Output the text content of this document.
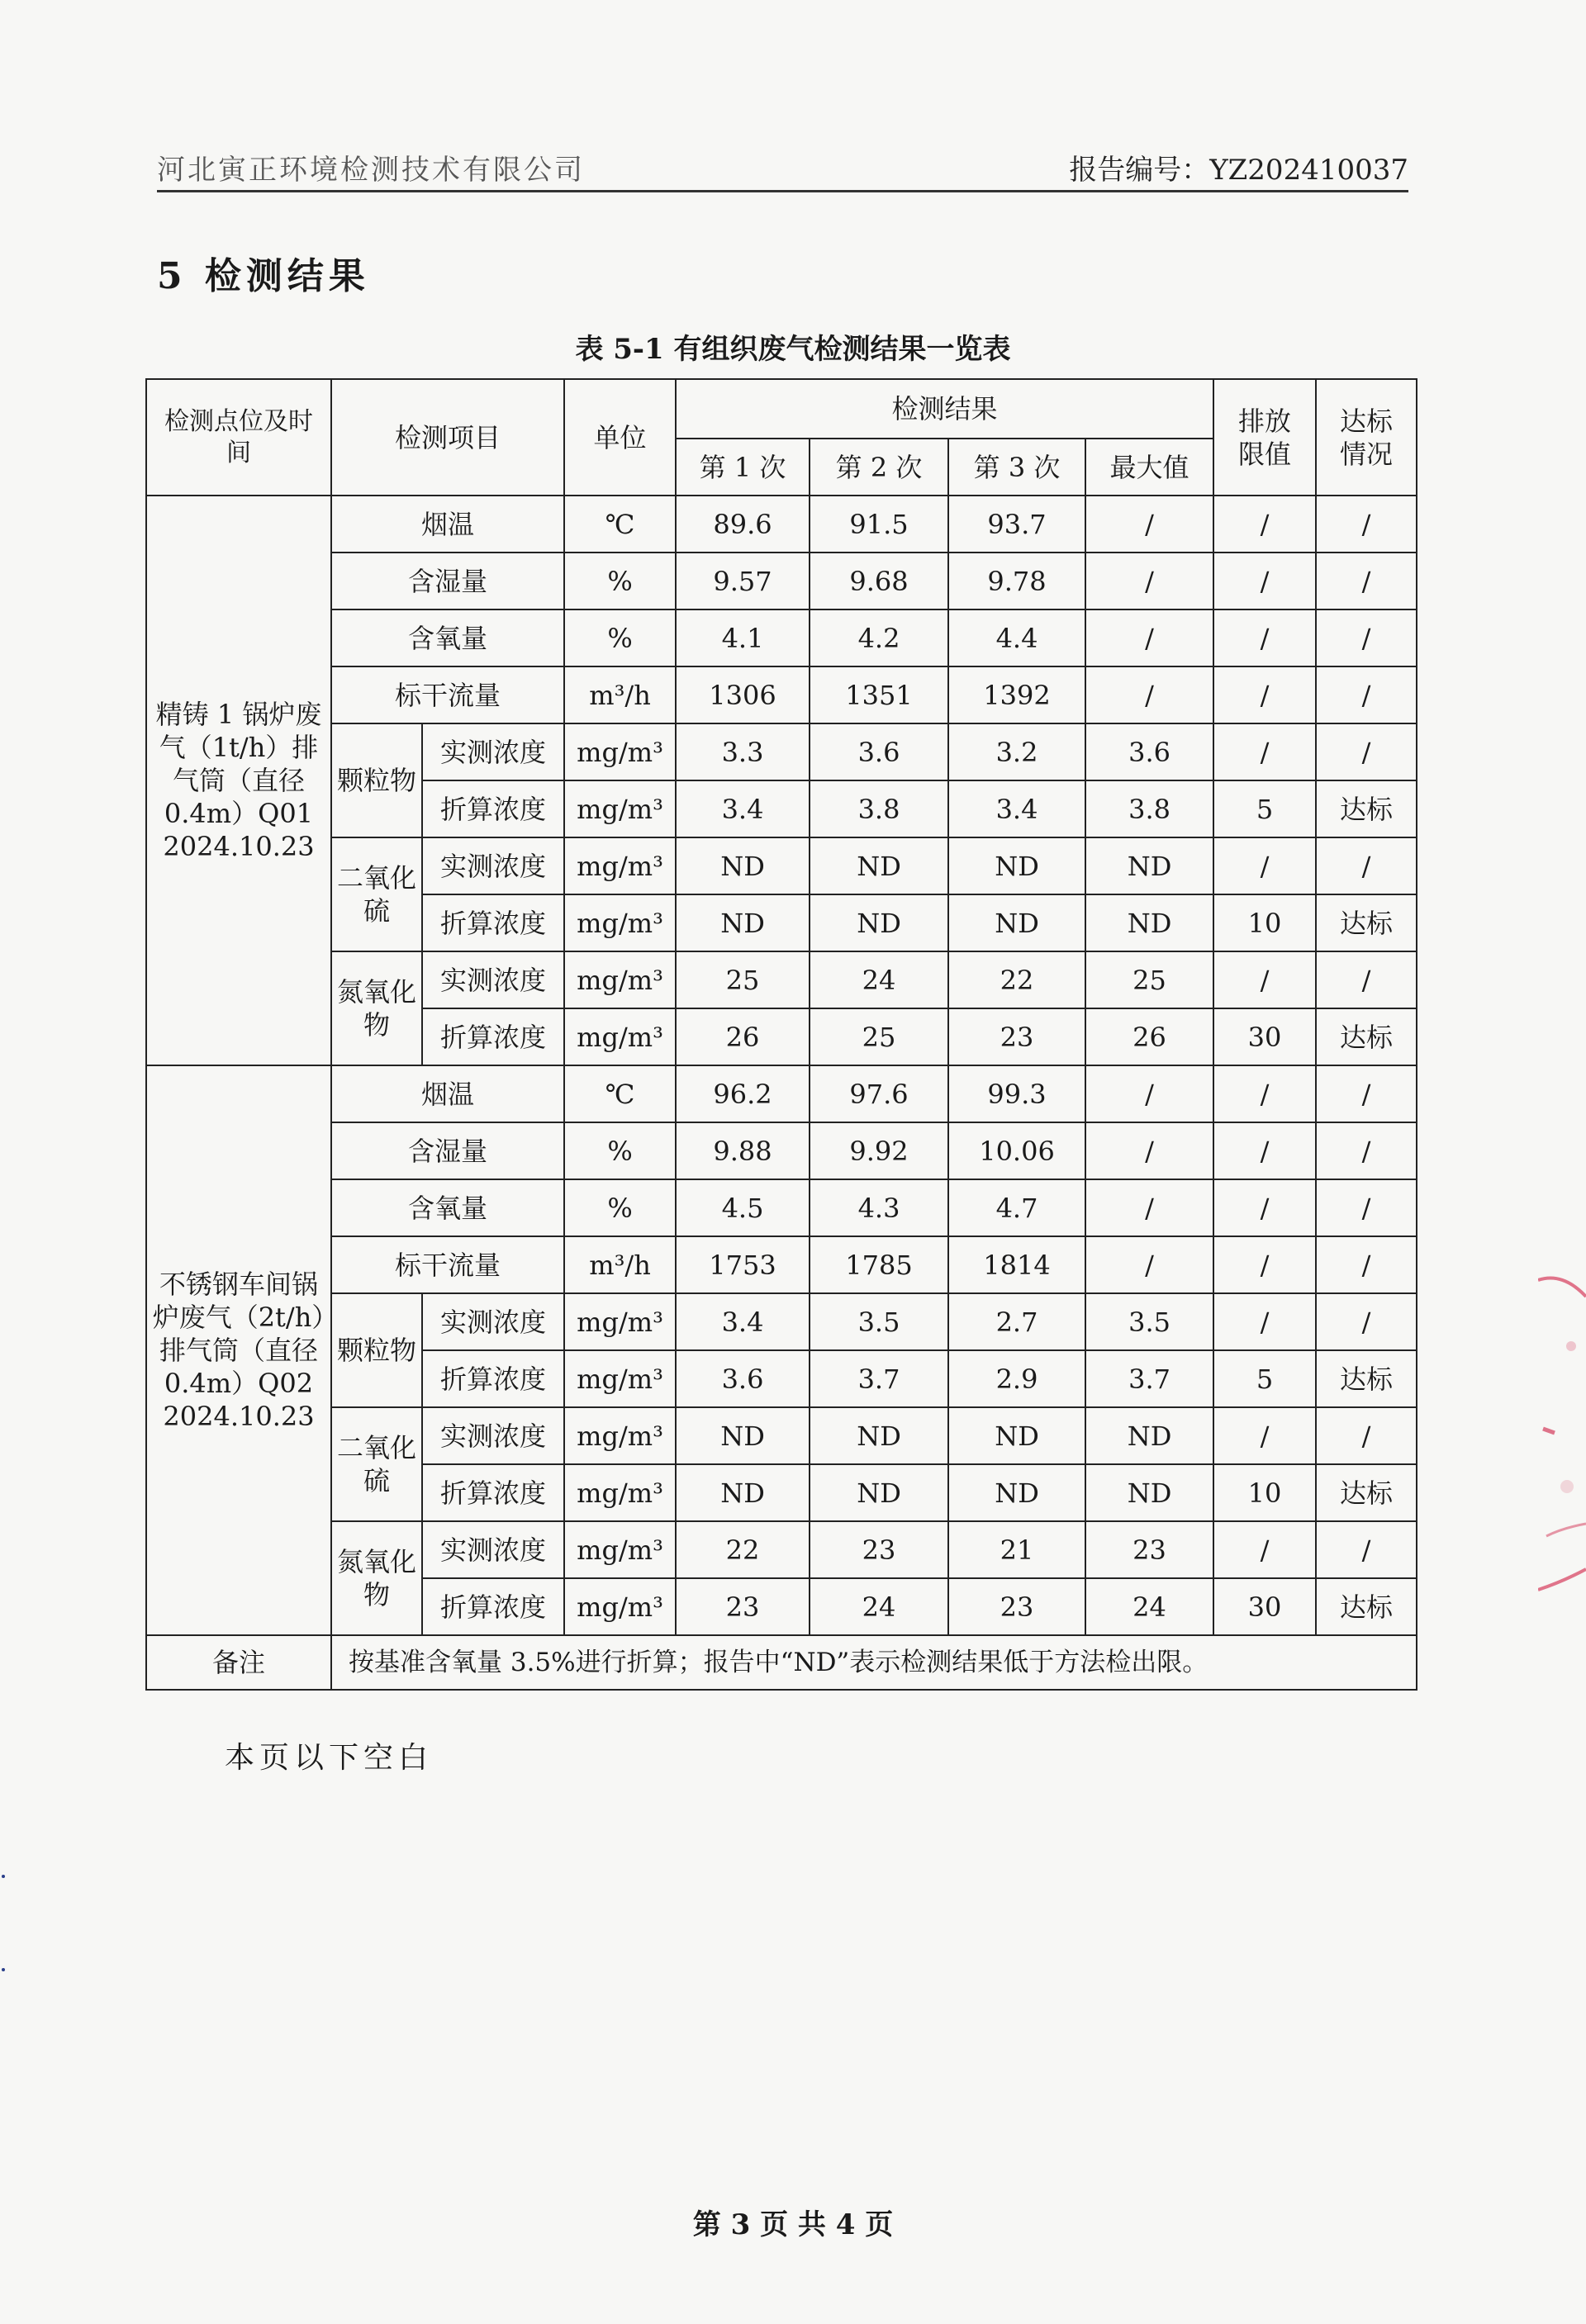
河北寅正环境检测技术有限公司	报告编号：YZ202410037
5 检测结果
表 5-1 有组织废气检测结果一览表
检测点位及时间	检测项目		单位	检测结果				排放限值	达标情况
				第 1 次	第 2 次	第 3 次	最大值		
精铸 1 锅炉废气（1t/h）排气筒（直径 0.4m）Q01 2024.10.23	烟温		℃	89.6	91.5	93.7	/	/	/
	含湿量		%	9.57	9.68	9.78	/	/	/
	含氧量		%	4.1	4.2	4.4	/	/	/
	标干流量		m³/h	1306	1351	1392	/	/	/
	颗粒物	实测浓度	mg/m³	3.3	3.6	3.2	3.6	/	/
		折算浓度	mg/m³	3.4	3.8	3.4	3.8	5	达标
	二氧化硫	实测浓度	mg/m³	ND	ND	ND	ND	/	/
		折算浓度	mg/m³	ND	ND	ND	ND	10	达标
	氮氧化物	实测浓度	mg/m³	25	24	22	25	/	/
		折算浓度	mg/m³	26	25	23	26	30	达标
不锈钢车间锅炉废气（2t/h）排气筒（直径 0.4m）Q02 2024.10.23	烟温		℃	96.2	97.6	99.3	/	/	/
	含湿量		%	9.88	9.92	10.06	/	/	/
	含氧量		%	4.5	4.3	4.7	/	/	/
	标干流量		m³/h	1753	1785	1814	/	/	/
	颗粒物	实测浓度	mg/m³	3.4	3.5	2.7	3.5	/	/
		折算浓度	mg/m³	3.6	3.7	2.9	3.7	5	达标
	二氧化硫	实测浓度	mg/m³	ND	ND	ND	ND	/	/
		折算浓度	mg/m³	ND	ND	ND	ND	10	达标
	氮氧化物	实测浓度	mg/m³	22	23	21	23	/	/
		折算浓度	mg/m³	23	24	23	24	30	达标
备注	按基准含氧量 3.5%进行折算；报告中“ND”表示检测结果低于方法检出限。								
本页以下空白
第 3 页 共 4 页
